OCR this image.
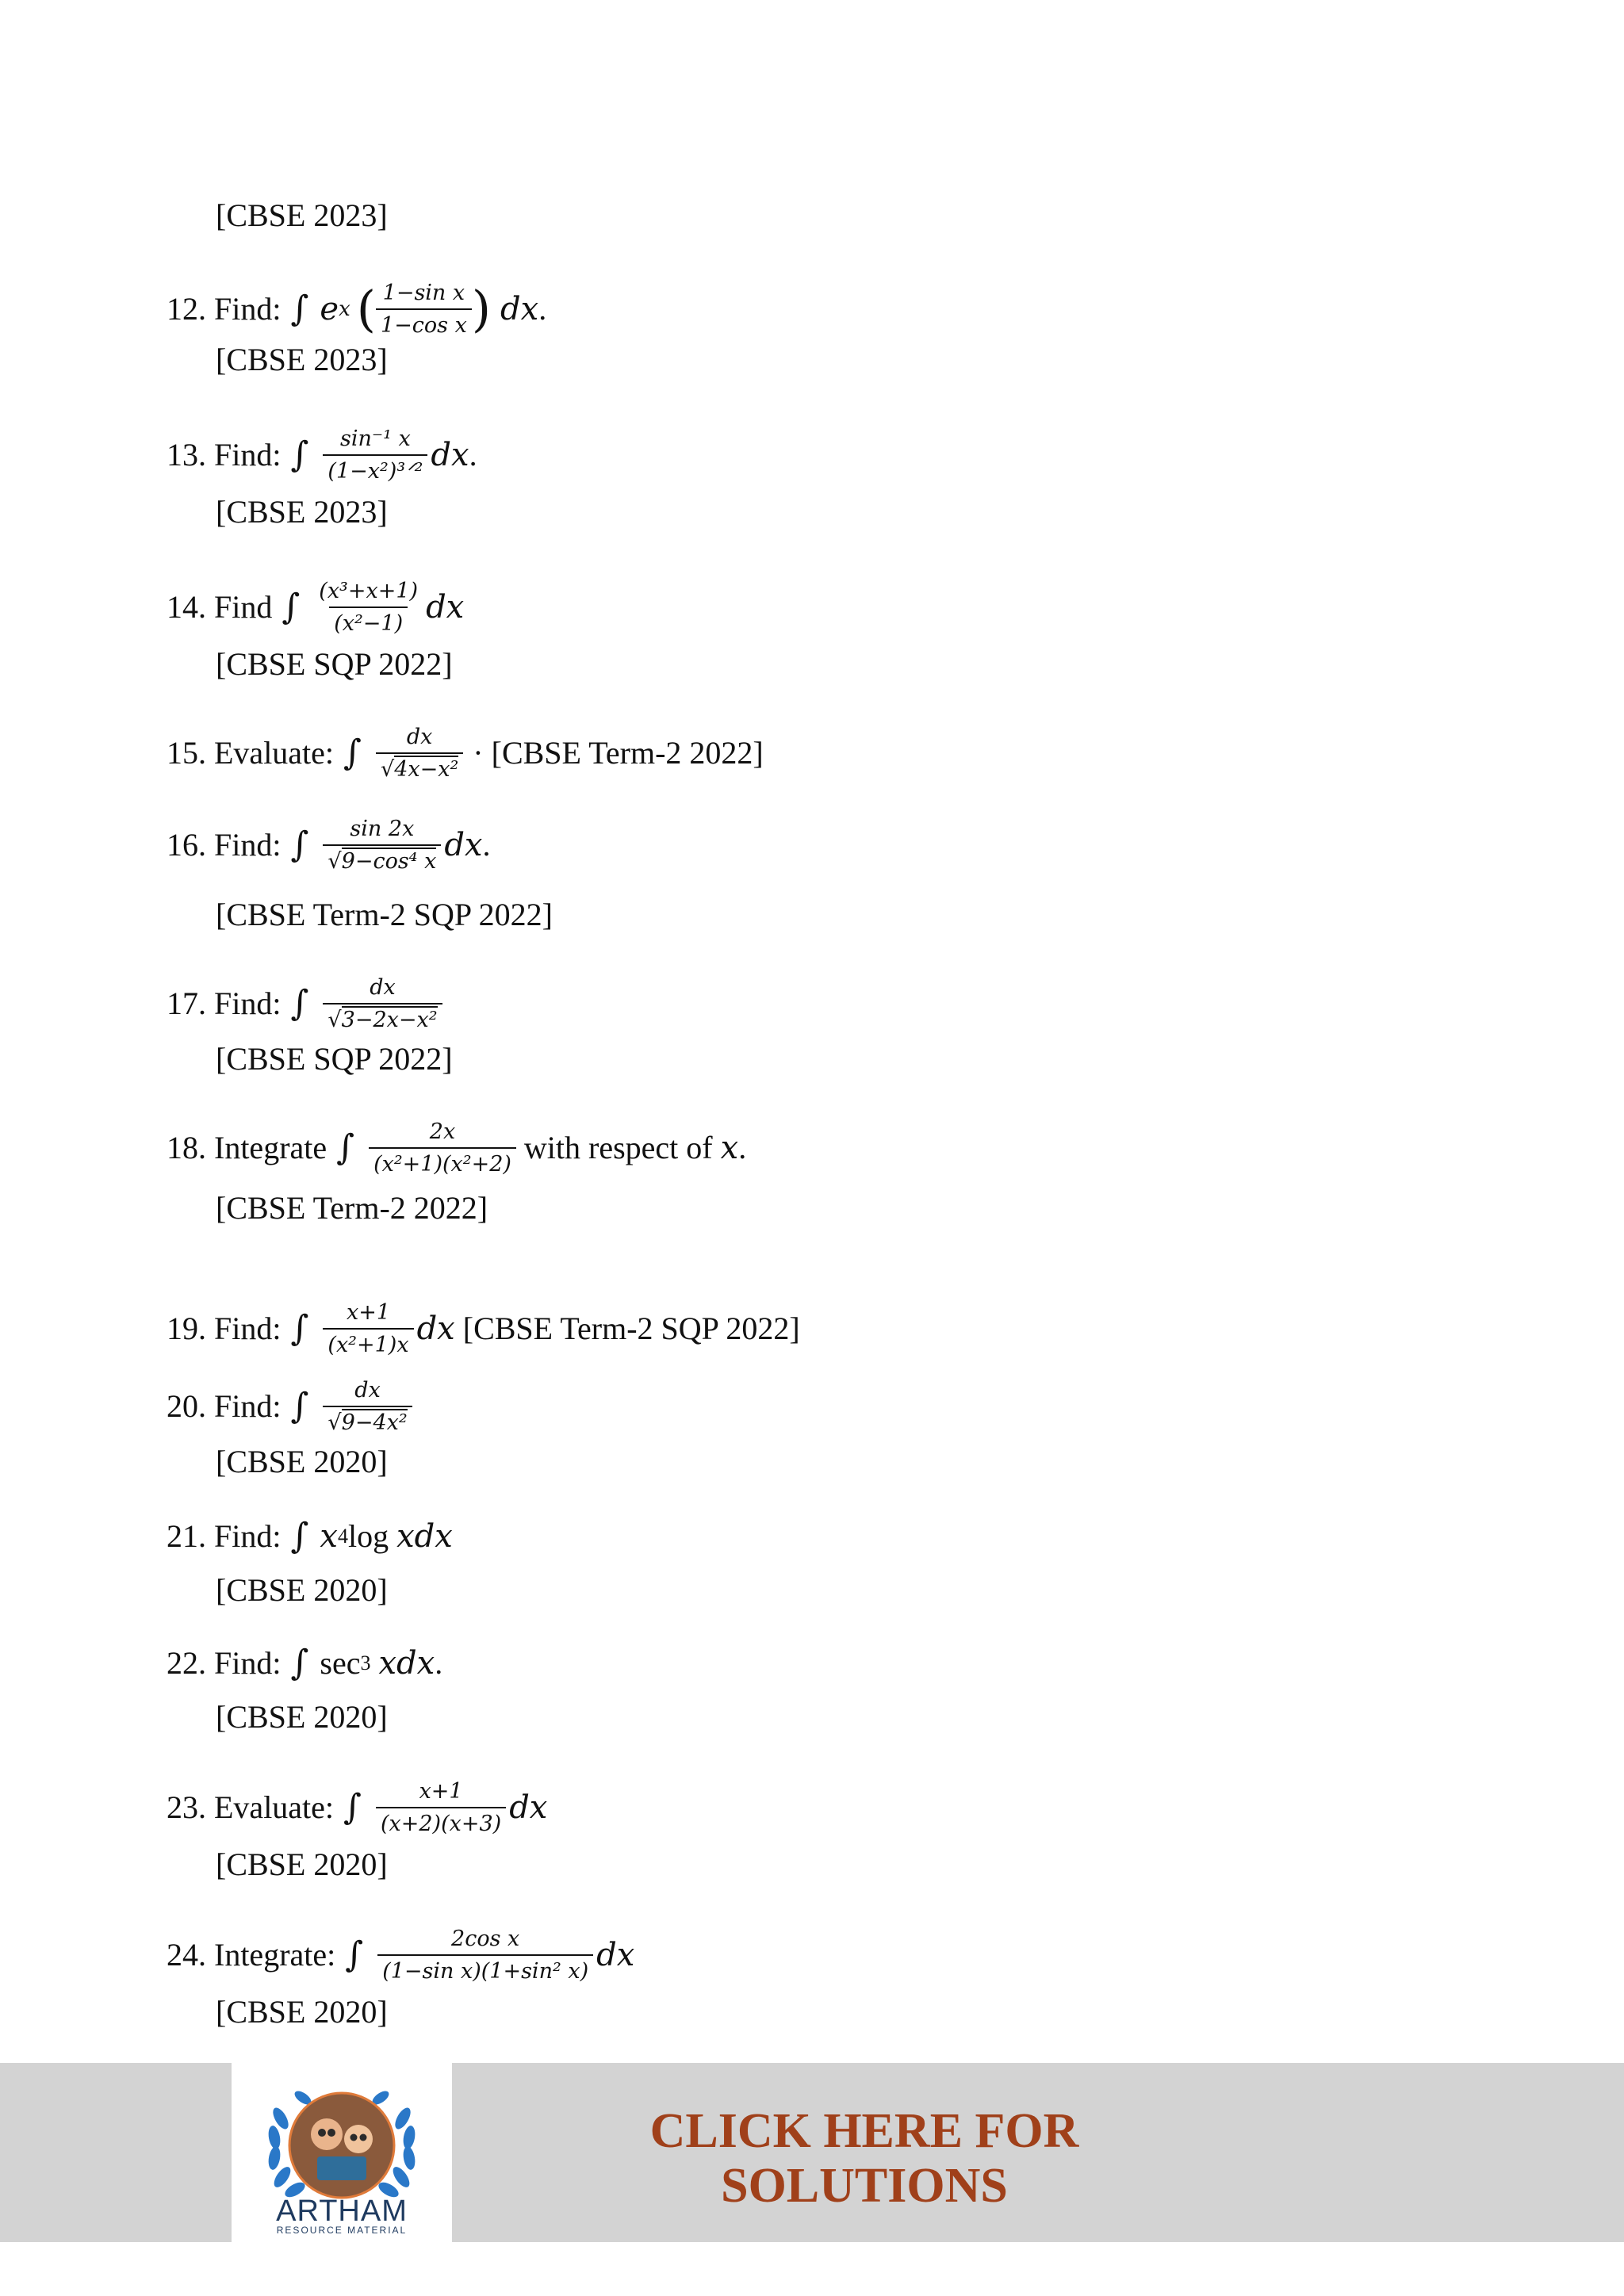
[CBSE 2023]
12.
Find: ∫ e x ( $\frac{\text{1−sin x}}{\text{1−cos x}}$ ) dx .
[CBSE 2023]
13.
Find: ∫ $\frac{\text{sin⁻¹ x}}{\text{(1−x²)³ᐟ²}}$ dx .
[CBSE 2023]
14.
Find ∫ $\frac{\text{(x³+x+1)}}{\text{(x²−1)}}$ dx
[CBSE SQP 2022]
15.
Evaluate: ∫ $\frac{dx}{\text{√4x−x²}}$ · [CBSE Term-2 2022]
16.
Find: ∫ $\frac{\sin 2x}{\text{√9−cos⁴ x}}$ dx .
[CBSE Term-2 SQP 2022]
17.
Find: ∫ $\frac{dx}{\text{√3−2x−x²}}$
[CBSE SQP 2022]
18.
Integrate ∫ $\frac{2x}{\text{(x²+1)(x²+2)}}$ with respect of
x .
[CBSE Term-2 2022]
19.
Find: ∫ $\frac{x+1}{\text{(x²+1)x}}$ dx
[CBSE Term-2 SQP 2022]
20.
Find: ∫ $\frac{dx}{\text{√9−4x²}}$
[CBSE 2020]
21.
Find: ∫ x 4 log
xdx
[CBSE 2020]
22.
Find: ∫ sec 3
xdx .
[CBSE 2020]
23.
Evaluate: ∫ $\frac{x+1}{(x+2)(x+3)}$ dx
[CBSE 2020]
24.
Integrate: ∫ $\frac{\text{2cos x}}{\text{(1−sin x)(1+sin² x)}}$ dx
[CBSE 2020]
ARTHAM
RESOURCE MATERIAL
CLICK HERE FOR
SOLUTIONS
